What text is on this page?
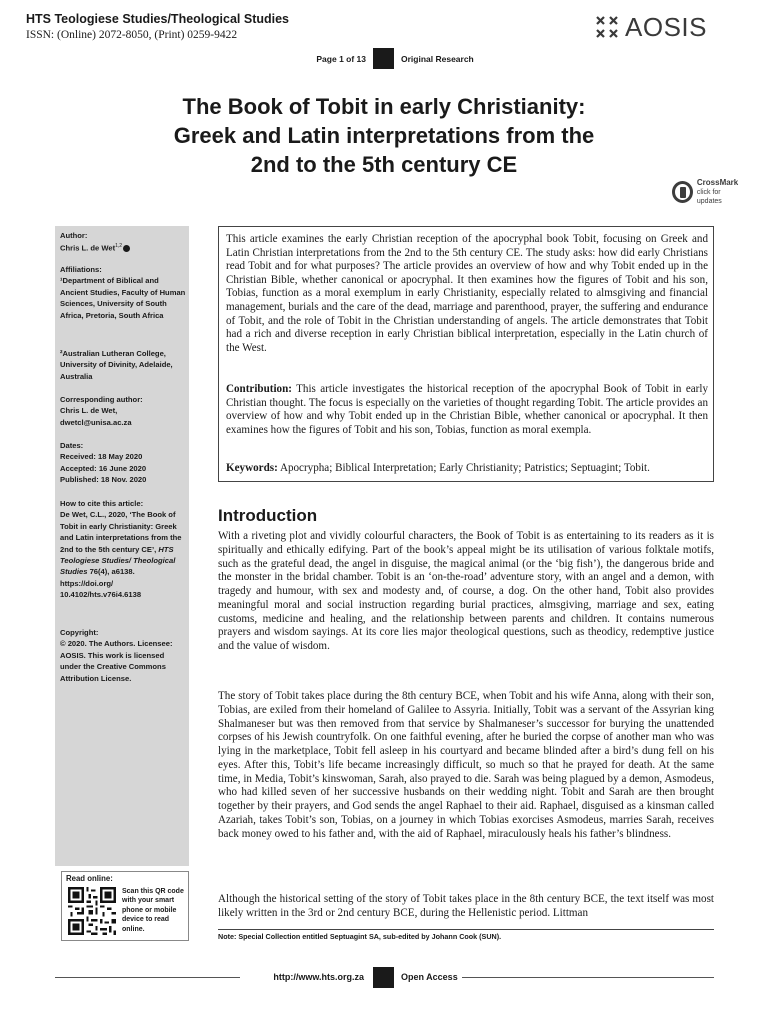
HTS Teologiese Studies/Theological Studies
ISSN: (Online) 2072-8050, (Print) 0259-9422	AOSIS
Page 1 of 13	Original Research
The Book of Tobit in early Christianity:
Greek and Latin interpretations from the
2nd to the 5th century CE
CrossMark
click for updates
Author:
Chris L. de Wet$^{1,2}$
Affiliations:
¹Department of Biblical and Ancient Studies, Faculty of Human Sciences, University of South Africa, Pretoria, South Africa
²Australian Lutheran College, University of Divinity, Adelaide, Australia
Corresponding author:
Chris L. de Wet,
dwetcl@unisa.ac.za
Dates:
Received: 18 May 2020
Accepted: 16 June 2020
Published: 18 Nov. 2020
How to cite this article:
De Wet, C.L., 2020, ‘The Book of Tobit in early Christianity: Greek and Latin interpretations from the 2nd to the 5th century CE’, HTS Teologiese Studies/ Theological Studies 76(4), a6138. https://doi.org/ 10.4102/hts.v76i4.6138
Copyright:
© 2020. The Authors. Licensee: AOSIS. This work is licensed under the Creative Commons Attribution License.
Read online:
Scan this QR code with your smart phone or mobile device to read online.
This article examines the early Christian reception of the apocryphal book Tobit, focusing on Greek and Latin Christian interpretations from the 2nd to the 5th century CE. The study asks: how did early Christians read Tobit and for what purposes? The article provides an overview of how and why Tobit ended up in the Christian Bible, whether canonical or apocryphal. It then examines how the figures of Tobit and his son, Tobias, function as a moral exemplum in early Christianity, especially related to almsgiving and financial management, burials and the care of the dead, marriage and parenthood, prayer, the suffering and endurance of Tobit, and the role of Tobit in the Christian understanding of angels. The article demonstrates that Tobit had a rich and diverse reception in early Christian biblical interpretation, especially in the Latin church of the West.
Contribution: This article investigates the historical reception of the apocryphal Book of Tobit in early Christian thought. The focus is especially on the varieties of thought regarding Tobit. The article provides an overview of how and why Tobit ended up in the Christian Bible, whether canonical or apocryphal. It then examines how the figures of Tobit and his son, Tobias, function as moral exempla.
Keywords: Apocrypha; Biblical Interpretation; Early Christianity; Patristics; Septuagint; Tobit.
Introduction
With a riveting plot and vividly colourful characters, the Book of Tobit is as entertaining to its readers as it is spiritually and ethically edifying. Part of the book’s appeal might be its utilisation of various folktale motifs, such as the grateful dead, the angel in disguise, the magical animal (or the ‘big fish’), the dangerous bride and the monster in the bridal chamber. Tobit is an ‘on-the-road’ adventure story, with an angel and a demon, with tragedy and humour, with sex and modesty and, of course, a dog. On the other hand, Tobit also provides meaningful moral and social instruction regarding burial practices, almsgiving, marriage and sex, eating customs, medicine and healing, and the relationship between parents and children. It contains numerous prayers and wisdom sayings. At its core lies major theological questions, such as theodicy, redemptive justice and the value of wisdom.
The story of Tobit takes place during the 8th century BCE, when Tobit and his wife Anna, along with their son, Tobias, are exiled from their homeland of Galilee to Assyria. Initially, Tobit was a servant of the Assyrian king Shalmaneser but was then removed from that service by Shalmaneser’s successor for burying the unattended corpses of his Jewish countryfolk. On one faithful evening, after he buried the corpse of another man who was lying in the marketplace, Tobit fell asleep in his courtyard and became blinded after a bird’s dung fell on his eyes. After this, Tobit’s life became increasingly difficult, so much so that he prayed for death. At the same time, in Media, Tobit’s kinswoman, Sarah, also prayed to die. Sarah was being plagued by a demon, Asmodeus, who had killed seven of her successive husbands on their wedding night. Tobit and Sarah are then brought together by their prayers, and God sends the angel Raphael to their aid. Raphael, disguised as a kinsman called Azariah, takes Tobit’s son, Tobias, on a journey in which Tobias exorcises Asmodeus, marries Sarah, receives back money owed to his father and, with the aid of Raphael, miraculously heals his father’s blindness.
Although the historical setting of the story of Tobit takes place in the 8th century BCE, the text itself was most likely written in the 3rd or 2nd century BCE, during the Hellenistic period. Littman
Note: Special Collection entitled Septuagint SA, sub-edited by Johann Cook (SUN).
http://www.hts.org.za	Open Access
